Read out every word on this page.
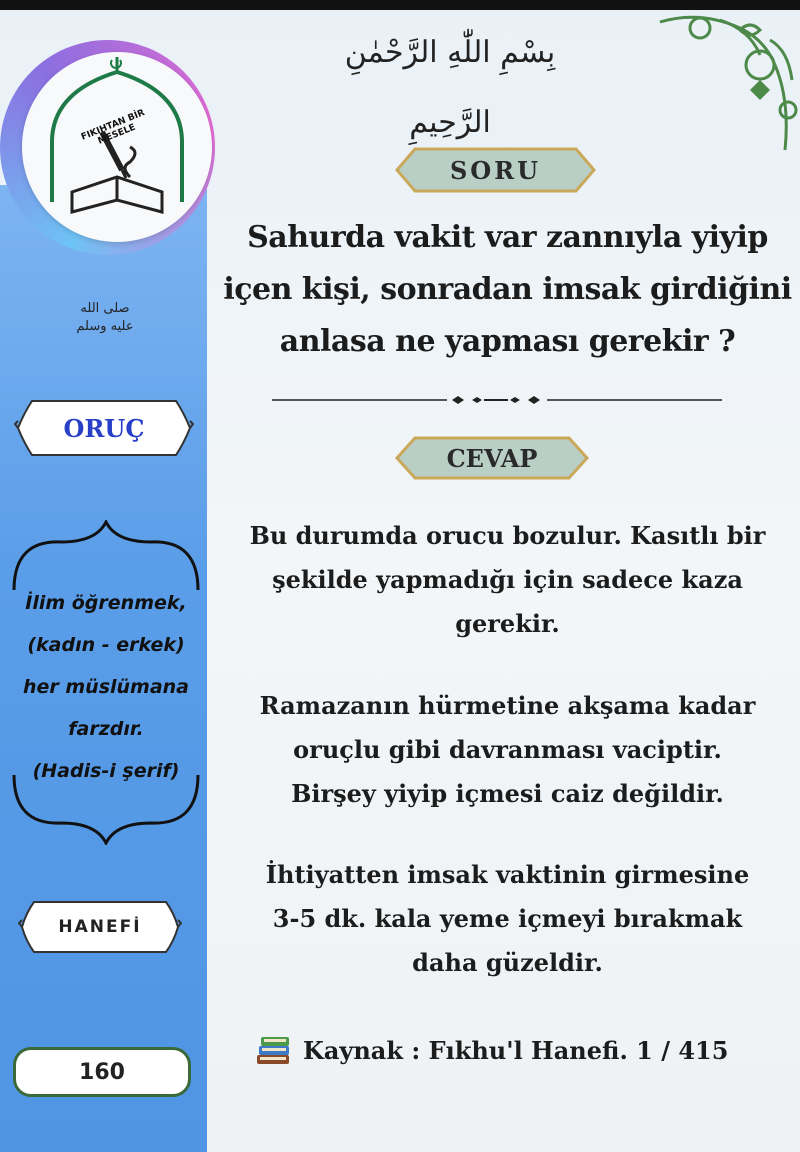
بِسْمِ اللّٰهِ الرَّحْمٰنِ الرَّحِيمِ
FIKIHTAN BİR MESELE
صلى الله عليه وسلم
ORUÇ
İlim öğrenmek,
(kadın - erkek)
her müslümana
farzdır.
(Hadis-i şerif)
HANEFİ
160
SORU
Sahurda vakit var zannıyla yiyip
içen kişi, sonradan imsak girdiğini
anlasa ne yapması gerekir ?
CEVAP
Bu durumda orucu bozulur. Kasıtlı bir
şekilde yapmadığı için sadece kaza
gerekir.
Ramazanın hürmetine akşama kadar
oruçlu gibi davranması vaciptir.
Birşey yiyip içmesi caiz değildir.
İhtiyatten imsak vaktinin girmesine
3-5 dk. kala yeme içmeyi bırakmak
daha güzeldir.
Kaynak : Fıkhu'l Hanefi. 1 / 415
